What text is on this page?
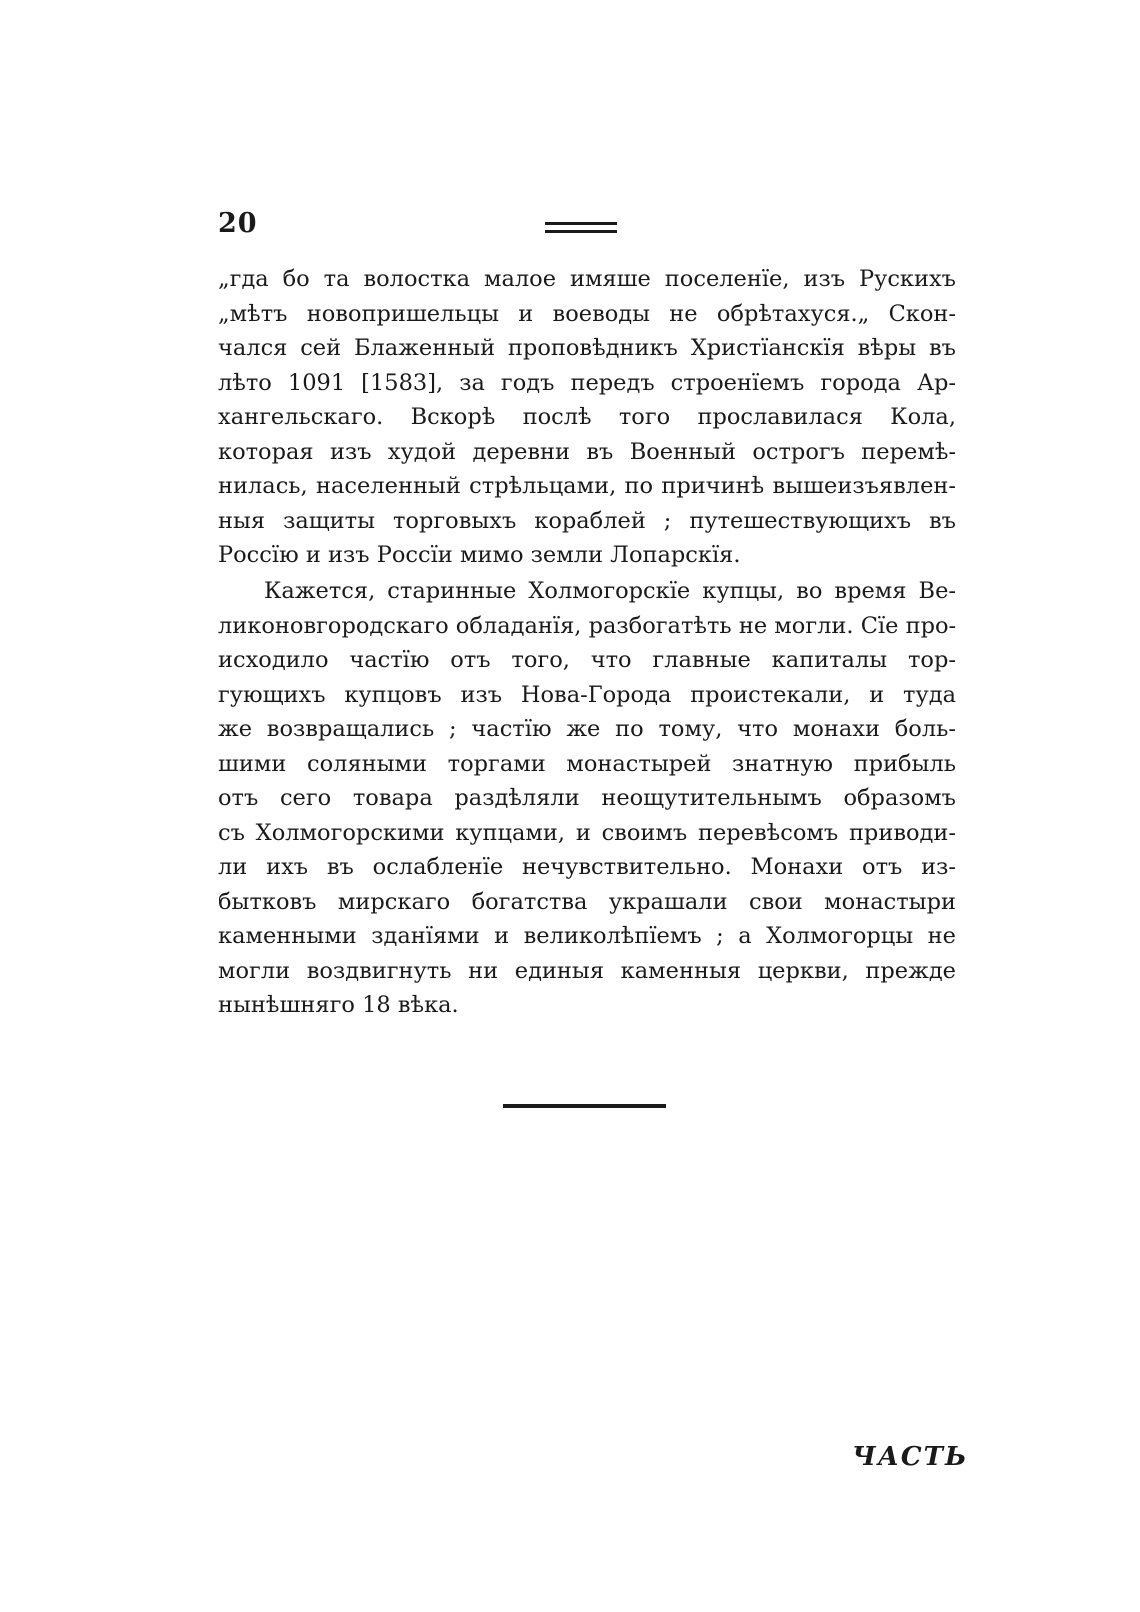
20
„гда бо та волостка малое имяше поселенїе, изъ Рускихъ
„мѣтъ новопришельцы и воеводы не обрѣтахуся.„ Скон-
чался сей Блаженный проповѣдникъ Христїанскїя вѣры въ
лѣто 1091 [1583], за годъ передъ строенїемъ города Ар-
хангельскаго. Вскорѣ послѣ того прославилася Кола,
которая изъ худой деревни въ Военный острогъ перемѣ-
нилась, населенный стрѣльцами, по причинѣ вышеизъявлен-
ныя защиты торговыхъ кораблей ; путешествующихъ въ
Россїю и изъ Россїи мимо земли Лопарскїя.
Кажется, старинные Холмогорскїе купцы, во время Ве-
ликоновгородскаго обладанїя, разбогатѣть не могли. Сїе про-
исходило частїю отъ того, что главные капиталы тор-
гующихъ купцовъ изъ Нова-Города проистекали, и туда
же возвращались ; частїю же по тому, что монахи боль-
шими соляными торгами монастырей знатную прибыль
отъ сего товара раздѣляли неощутительнымъ образомъ
съ Холмогорскими купцами, и своимъ перевѣсомъ приводи-
ли ихъ въ ослабленїе нечувствительно. Монахи отъ из-
бытковъ мирскаго богатства украшали свои монастыри
каменными зданїями и великолѣпїемъ ; а Холмогорцы не
могли воздвигнуть ни единыя каменныя церкви, прежде
нынѣшняго 18 вѣка.
ЧАСТЬ
